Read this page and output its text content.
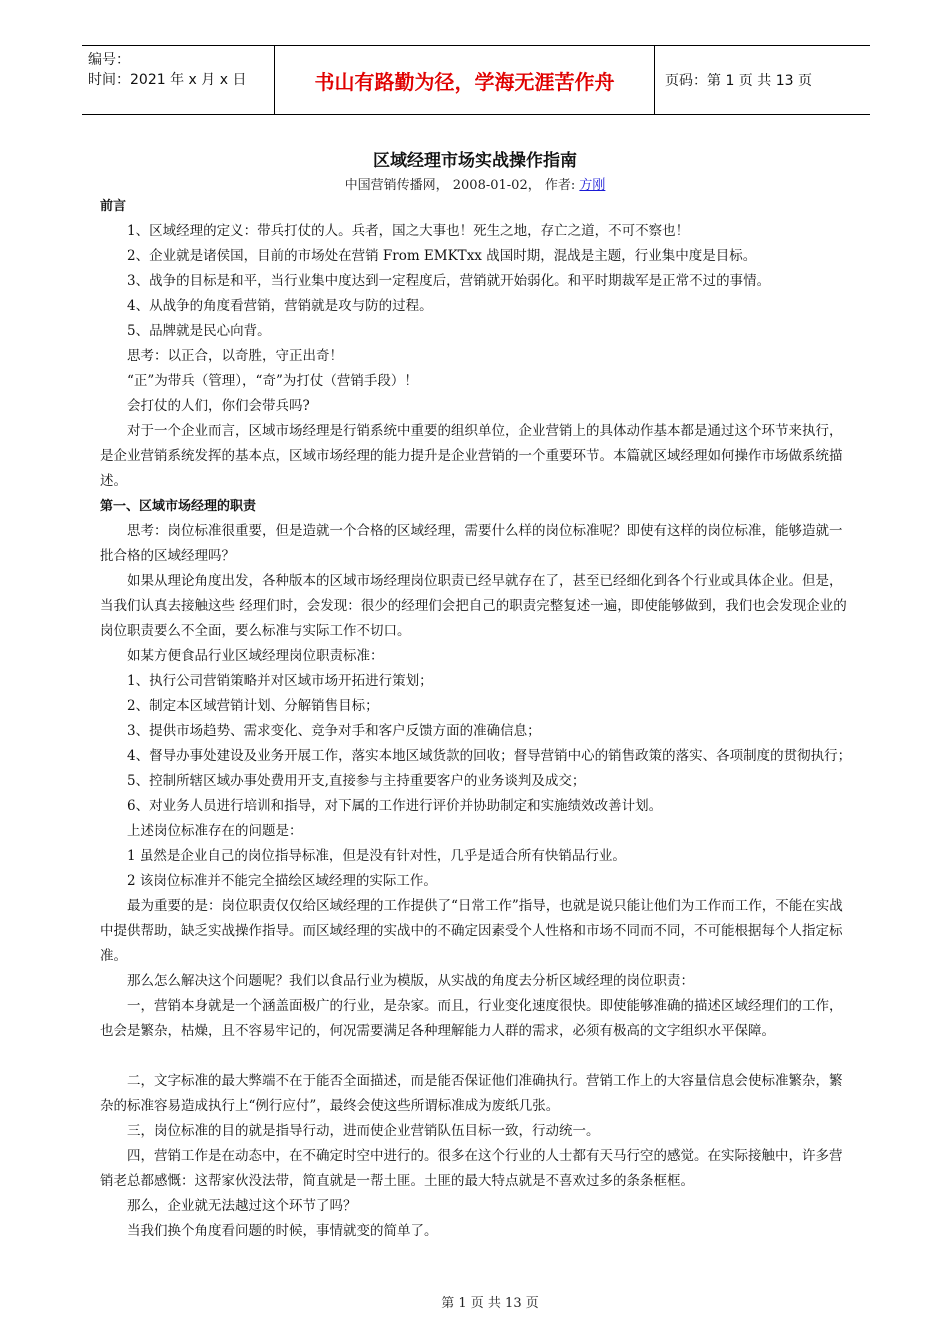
编号：
时间：2021 年 x 月 x 日	书山有路勤为径，学海无涯苦作舟	页码：第 1 页 共 13 页
区域经理市场实战操作指南
中国营销传播网， 2008-01-02， 作者: 方刚

前言

1、区域经理的定义：带兵打仗的人。兵者，国之大事也！死生之地，存亡之道，不可不察也！

2、企业就是诸侯国，目前的市场处在营销 From EMKTxx 战国时期，混战是主题，行业集中度是目标。

3、战争的目标是和平，当行业集中度达到一定程度后，营销就开始弱化。和平时期裁军是正常不过的事情。

4、从战争的角度看营销，营销就是攻与防的过程。

5、品牌就是民心向背。

思考：以正合，以奇胜，守正出奇！

“正”为带兵（管理），“奇”为打仗（营销手段）！

会打仗的人们，你们会带兵吗?

对于一个企业而言，区域市场经理是行销系统中重要的组织单位，企业营销上的具体动作基本都是通过这个环节来执行，是企业营销系统发挥的基本点，区域市场经理的能力提升是企业营销的一个重要环节。本篇就区域经理如何操作市场做系统描述。

第一、区域市场经理的职责

思考：岗位标准很重要，但是造就一个合格的区域经理，需要什么样的岗位标准呢？即使有这样的岗位标准，能够造就一批合格的区域经理吗？

如果从理论角度出发，各种版本的区域市场经理岗位职责已经早就存在了，甚至已经细化到各个行业或具体企业。但是，当我们认真去接触这些 经理们时，会发现：很少的经理们会把自己的职责完整复述一遍，即使能够做到，我们也会发现企业的岗位职责要么不全面，要么标准与实际工作不切口。

如某方便食品行业区域经理岗位职责标准：

1、执行公司营销策略并对区域市场开拓进行策划；

2、制定本区域营销计划、分解销售目标；

3、提供市场趋势、需求变化、竞争对手和客户反馈方面的准确信息；

4、督导办事处建设及业务开展工作，落实本地区域货款的回收；督导营销中心的销售政策的落实、各项制度的贯彻执行；

5、控制所辖区域办事处费用开支,直接参与主持重要客户的业务谈判及成交；

6、对业务人员进行培训和指导，对下属的工作进行评价并协助制定和实施绩效改善计划。

上述岗位标准存在的问题是：

1 虽然是企业自己的岗位指导标准，但是没有针对性，几乎是适合所有快销品行业。

2 该岗位标准并不能完全描绘区域经理的实际工作。

最为重要的是：岗位职责仅仅给区域经理的工作提供了“日常工作”指导，也就是说只能让他们为工作而工作，不能在实战中提供帮助，缺乏实战操作指导。而区域经理的实战中的不确定因素受个人性格和市场不同而不同，不可能根据每个人指定标准。

那么怎么解决这个问题呢？我们以食品行业为模版，从实战的角度去分析区域经理的岗位职责：

一，营销本身就是一个涵盖面极广的行业，是杂家。而且，行业变化速度很快。即使能够准确的描述区域经理们的工作，也会是繁杂，枯燥，且不容易牢记的，何况需要满足各种理解能力人群的需求，必须有极高的文字组织水平保障。

二，文字标准的最大弊端不在于能否全面描述，而是能否保证他们准确执行。营销工作上的大容量信息会使标准繁杂，繁杂的标准容易造成执行上“例行应付”，最终会使这些所谓标准成为废纸几张。

三，岗位标准的目的就是指导行动，进而使企业营销队伍目标一致，行动统一。

四，营销工作是在动态中，在不确定时空中进行的。很多在这个行业的人士都有天马行空的感觉。在实际接触中，许多营销老总都感慨：这帮家伙没法带，简直就是一帮土匪。土匪的最大特点就是不喜欢过多的条条框框。

那么，企业就无法越过这个环节了吗？

当我们换个角度看问题的时候，事情就变的简单了。

第 1 页 共 13 页
